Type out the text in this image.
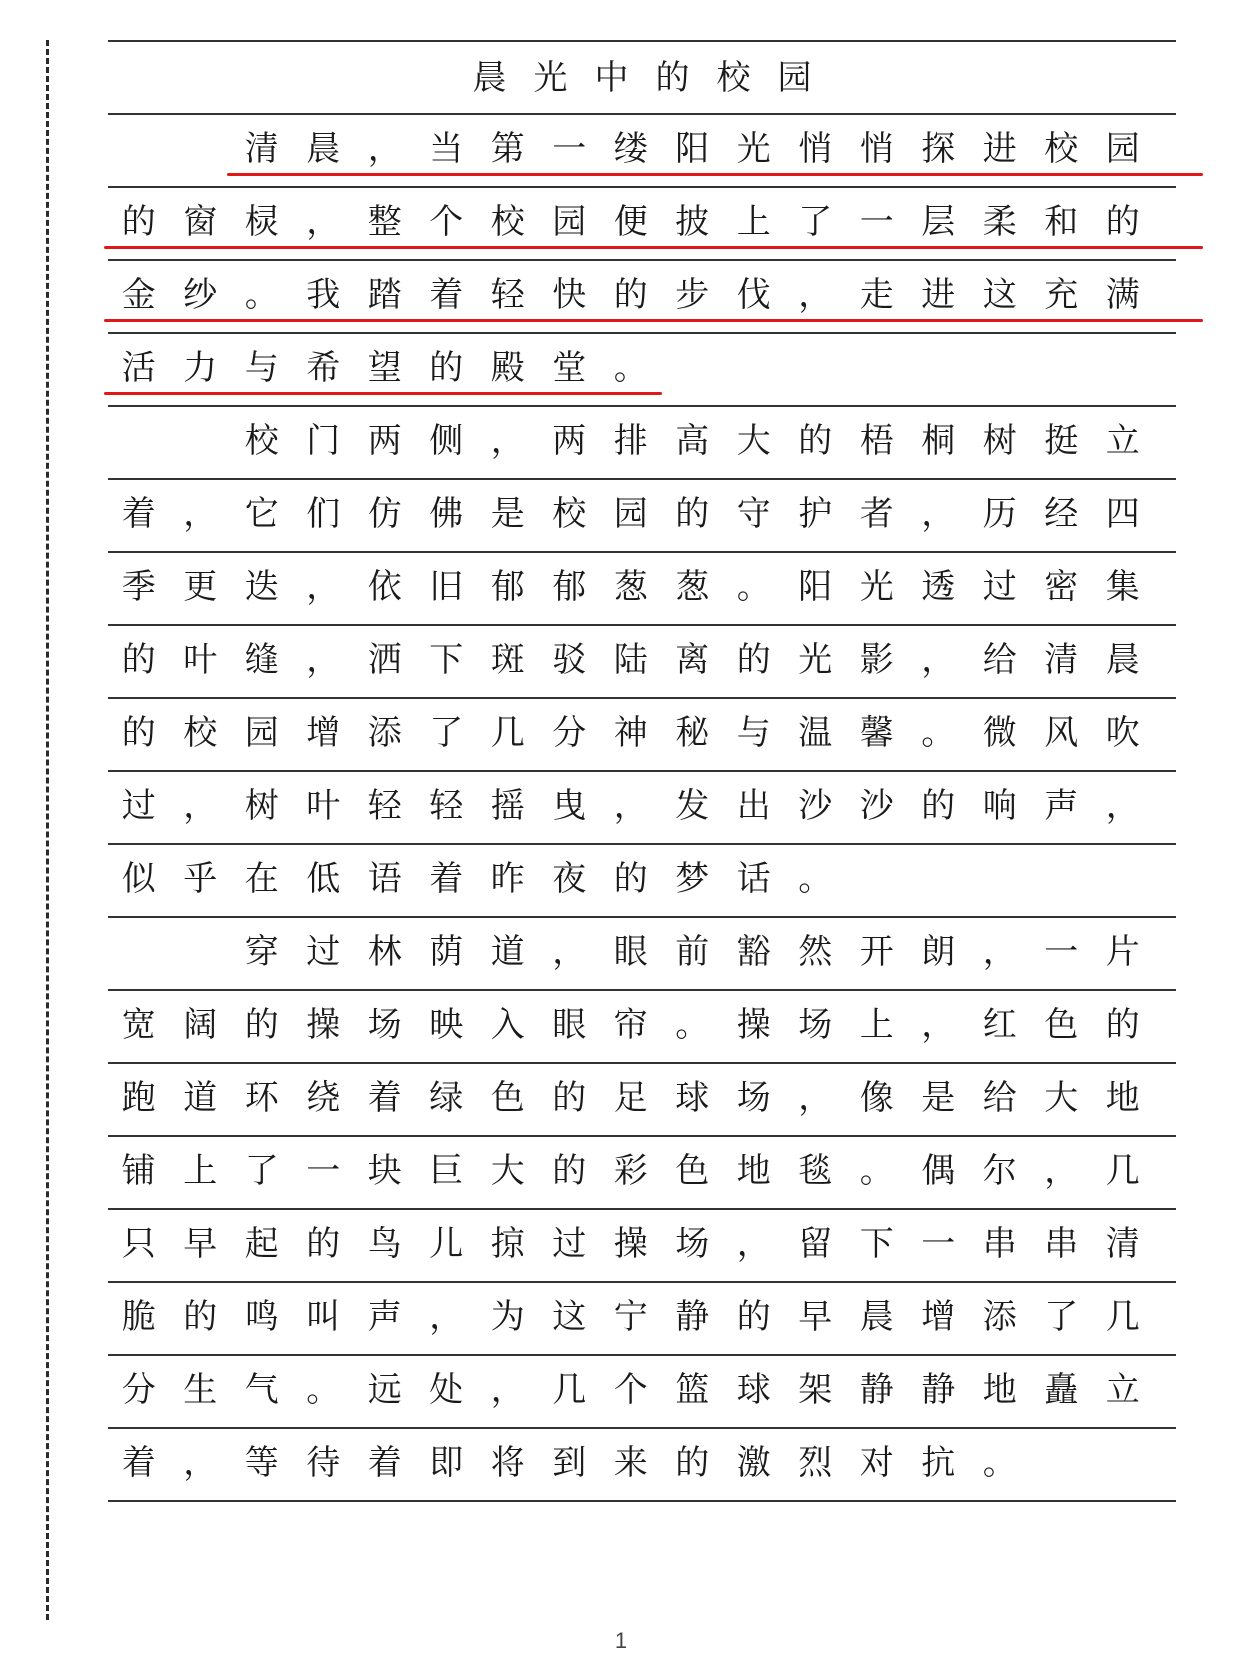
晨 光 中 的 校 园
清 晨 ， 当 第 一 缕 阳 光 悄 悄 探 进 校 园
的 窗 棂 ， 整 个 校 园 便 披 上 了 一 层 柔 和 的
金 纱 。 我 踏 着 轻 快 的 步 伐 ， 走 进 这 充 满
活 力 与 希 望 的 殿 堂 。
校 门 两 侧 ， 两 排 高 大 的 梧 桐 树 挺 立
着 ， 它 们 仿 佛 是 校 园 的 守 护 者 ， 历 经 四
季 更 迭 ， 依 旧 郁 郁 葱 葱 。 阳 光 透 过 密 集
的 叶 缝 ， 洒 下 斑 驳 陆 离 的 光 影 ， 给 清 晨
的 校 园 增 添 了 几 分 神 秘 与 温 馨 。 微 风 吹
过 ， 树 叶 轻 轻 摇 曳 ， 发 出 沙 沙 的 响 声 ，
似 乎 在 低 语 着 昨 夜 的 梦 话 。
穿 过 林 荫 道 ， 眼 前 豁 然 开 朗 ， 一 片
宽 阔 的 操 场 映 入 眼 帘 。 操 场 上 ， 红 色 的
跑 道 环 绕 着 绿 色 的 足 球 场 ， 像 是 给 大 地
铺 上 了 一 块 巨 大 的 彩 色 地 毯 。 偶 尔 ， 几
只 早 起 的 鸟 儿 掠 过 操 场 ， 留 下 一 串 串 清
脆 的 鸣 叫 声 ， 为 这 宁 静 的 早 晨 增 添 了 几
分 生 气 。 远 处 ， 几 个 篮 球 架 静 静 地 矗 立
着 ， 等 待 着 即 将 到 来 的 激 烈 对 抗 。
1
